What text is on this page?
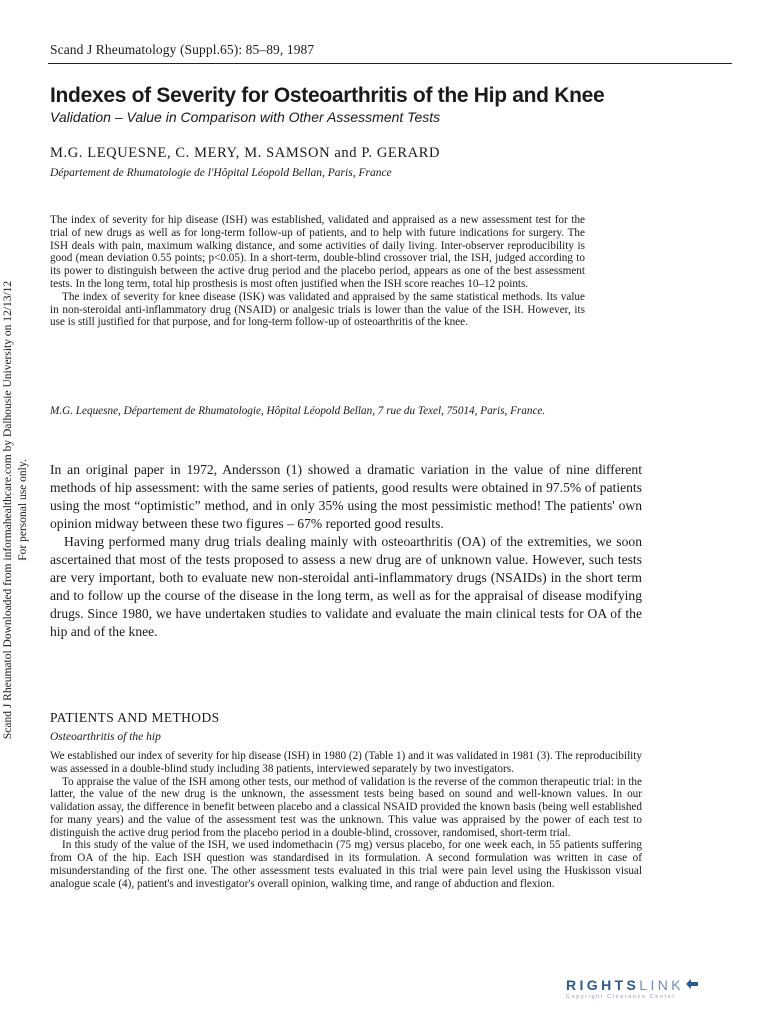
Scand J Rheumatology (Suppl.65): 85–89, 1987
Indexes of Severity for Osteoarthritis of the Hip and Knee
Validation – Value in Comparison with Other Assessment Tests
M.G. LEQUESNE, C. MERY, M. SAMSON and P. GERARD
Département de Rhumatologie de l'Hôpital Léopold Bellan, Paris, France

The index of severity for hip disease (ISH) was established, validated and appraised as a new assessment test for the trial of new drugs as well as for long-term follow-up of patients, and to help with future indications for surgery. The ISH deals with pain, maximum walking distance, and some activities of daily living. Inter-observer reproducibility is good (mean deviation 0.55 points; p<0.05). In a short-term, double-blind crossover trial, the ISH, judged according to its power to distinguish between the active drug period and the placebo period, appears as one of the best assessment tests. In the long term, total hip prosthesis is most often justified when the ISH score reaches 10–12 points.

The index of severity for knee disease (ISK) was validated and appraised by the same statistical methods. Its value in non-steroidal anti-inflammatory drug (NSAID) or analgesic trials is lower than the value of the ISH. However, its use is still justified for that purpose, and for long-term follow-up of osteoarthritis of the knee.

M.G. Lequesne, Département de Rhumatologie, Hôpital Léopold Bellan, 7 rue du Texel, 75014, Paris, France.

In an original paper in 1972, Andersson (1) showed a dramatic variation in the value of nine different methods of hip assessment: with the same series of patients, good results were obtained in 97.5% of patients using the most “optimistic” method, and in only 35% using the most pessimistic method! The patients' own opinion midway between these two figures – 67% reported good results.

Having performed many drug trials dealing mainly with osteoarthritis (OA) of the extremities, we soon ascertained that most of the tests proposed to assess a new drug are of unknown value. However, such tests are very important, both to evaluate new non-steroidal anti-inflammatory drugs (NSAIDs) in the short term and to follow up the course of the disease in the long term, as well as for the appraisal of disease modifying drugs. Since 1980, we have undertaken studies to validate and evaluate the main clinical tests for OA of the hip and of the knee.

PATIENTS AND METHODS
Osteoarthritis of the hip

We established our index of severity for hip disease (ISH) in 1980 (2) (Table 1) and it was validated in 1981 (3). The reproducibility was assessed in a double-blind study including 38 patients, interviewed separately by two investigators.

To appraise the value of the ISH among other tests, our method of validation is the reverse of the common therapeutic trial: in the latter, the value of the new drug is the unknown, the assessment tests being based on sound and well-known values. In our validation assay, the difference in benefit between placebo and a classical NSAID provided the known basis (being well established for many years) and the value of the assessment test was the unknown. This value was appraised by the power of each test to distinguish the active drug period from the placebo period in a double-blind, crossover, randomised, short-term trial.

In this study of the value of the ISH, we used indomethacin (75 mg) versus placebo, for one week each, in 55 patients suffering from OA of the hip. Each ISH question was standardised in its formulation. A second formulation was written in case of misunderstanding of the first one. The other assessment tests evaluated in this trial were pain level using the Huskisson visual analogue scale (4), patient's and investigator's overall opinion, walking time, and range of abduction and flexion.

Scand J Rheumatol Downloaded from informahealthcare.com by Dalhousie University on 12/13/12 For personal use only.
RIGHTSLINK
Copyright Clearance Center
